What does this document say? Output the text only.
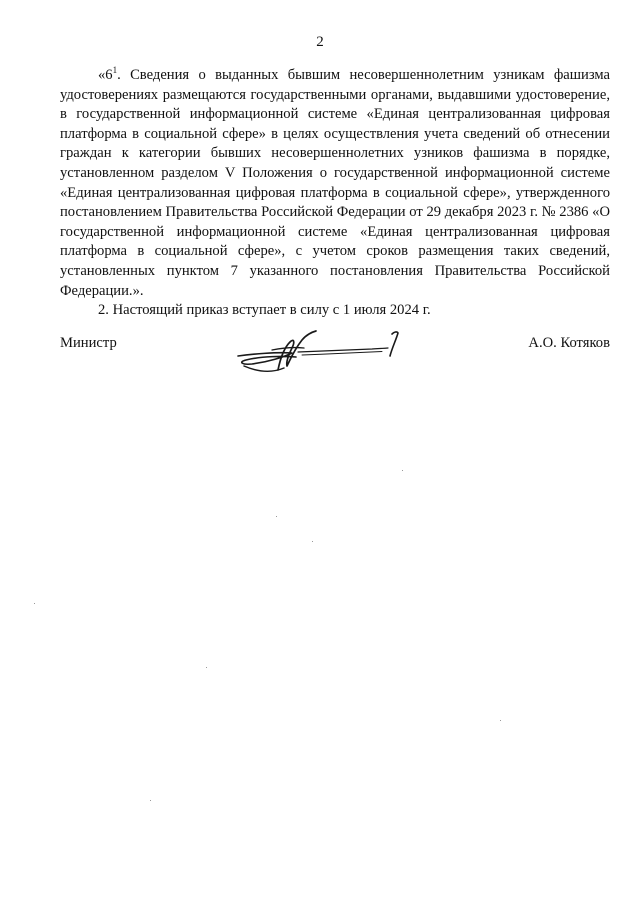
2

«$6^1$. Сведения о выданных бывшим несовершеннолетним узникам фашизма удостоверениях размещаются государственными органами, выдавшими удостоверение, в государственной информационной системе «Единая централизованная цифровая платформа в социальной сфере» в целях осуществления учета сведений об отнесении граждан к категории бывших несовершеннолетних узников фашизма в порядке, установленном разделом V Положения о государственной информационной системе «Единая централизованная цифровая платформа в социальной сфере», утвержденного постановлением Правительства Российской Федерации от 29 декабря 2023 г. № 2386 «О государственной информационной системе «Единая централизованная цифровая платформа в социальной сфере», с учетом сроков размещения таких сведений, установленных пунктом 7 указанного постановления Правительства Российской Федерации.».

2. Настоящий приказ вступает в силу с 1 июля 2024 г.

Министр	А.О. Котяков
